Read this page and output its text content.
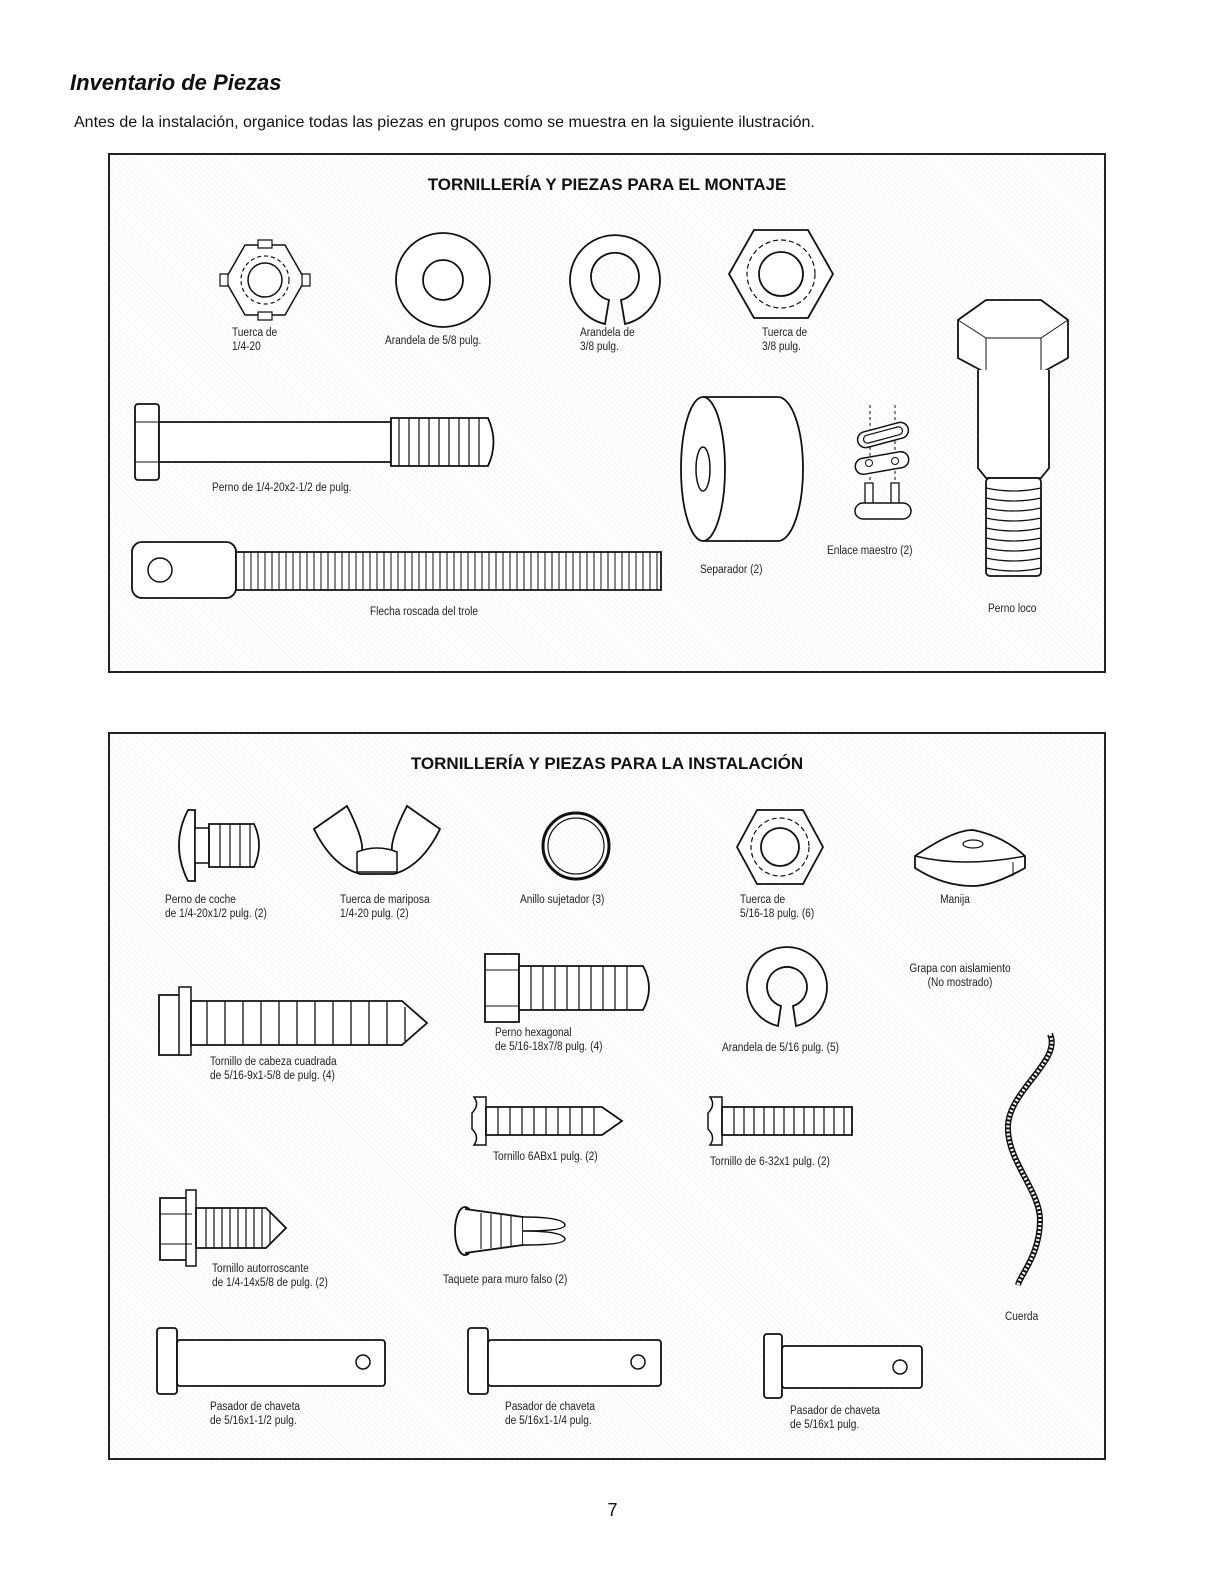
Inventario de Piezas

Antes de la instalación, organice todas las piezas en grupos como se muestra en la siguiente ilustración.

TORNILLERÍA Y PIEZAS PARA EL MONTAJE
Tuerca de
1/4-20	Arandela de 5/8 pulg.
Arandela de
3/8 pulg.
Tuerca de
3/8 pulg.
Perno de 1/4-20x2-1/2 de pulg.
Flecha roscada del trole
Separador (2)
Enlace maestro (2)
Perno loco
TORNILLERÍA Y PIEZAS PARA LA INSTALACIÓN
Perno de coche
de 1/4-20x1/2 pulg. (2)
Tuerca de mariposa
1/4-20 pulg. (2)
Anillo sujetador (3)	Tuerca de
5/16-18 pulg. (6)
Manija
Grapa con aislamiento
(No mostrado)
Perno hexagonal
de 5/16-18x7/8 pulg. (4)	Arandela de 5/16 pulg. (5)
Tornillo de cabeza cuadrada
de 5/16-9x1-5/8 de pulg. (4)
Tornillo 6ABx1 pulg. (2)	Tornillo de 6-32x1 pulg. (2)
Tornillo autorroscante
de 1/4-14x5/8 de pulg. (2)	Taquete para muro falso (2)
Cuerda
Pasador de chaveta
de 5/16x1-1/2 pulg.
Pasador de chaveta
de 5/16x1-1/4 pulg.
Pasador de chaveta
de 5/16x1 pulg.
7
